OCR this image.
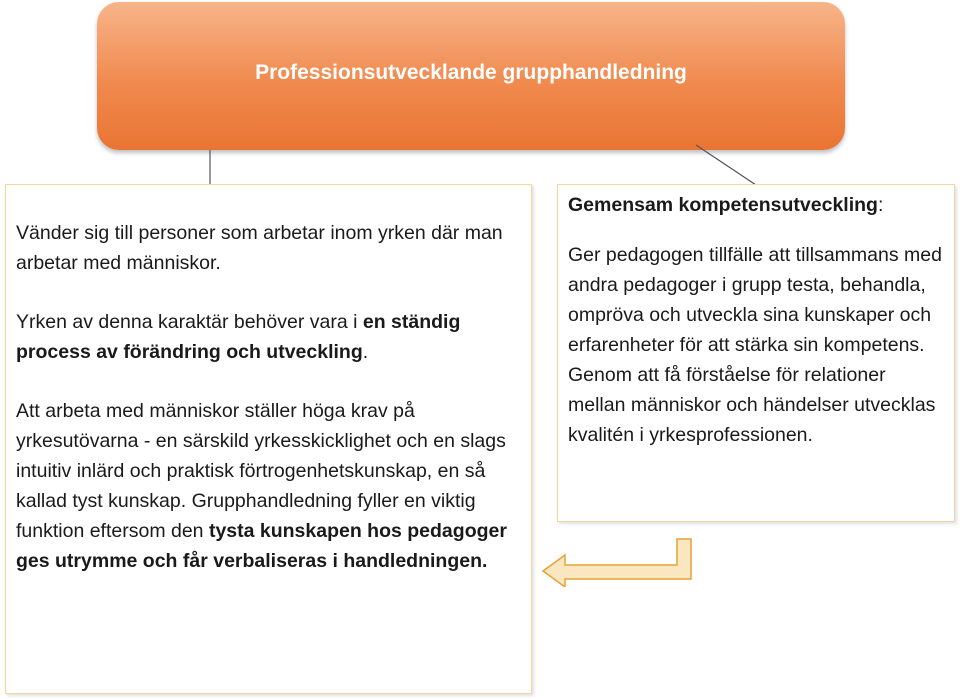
Professionsutvecklande grupphandledning

Vänder sig till personer som arbetar inom yrken där man arbetar med människor.

Yrken av denna karaktär behöver vara i en ständig process av förändring och utveckling.

Att arbeta med människor ställer höga krav på yrkesutövarna - en särskild yrkesskicklighet och en slags intuitiv inlärd och praktisk förtrogenhetskunskap, en så kallad tyst kunskap. Grupphandledning fyller en viktig funktion eftersom den tysta kunskapen hos pedagoger ges utrymme och får verbaliseras i handledningen.

Gemensam kompetensutveckling:

Ger pedagogen tillfälle att tillsammans med andra pedagoger i grupp testa, behandla, ompröva och utveckla sina kunskaper och erfarenheter för att stärka sin kompetens. Genom att få förståelse för relationer mellan människor och händelser utvecklas kvalitén i yrkesprofessionen.
